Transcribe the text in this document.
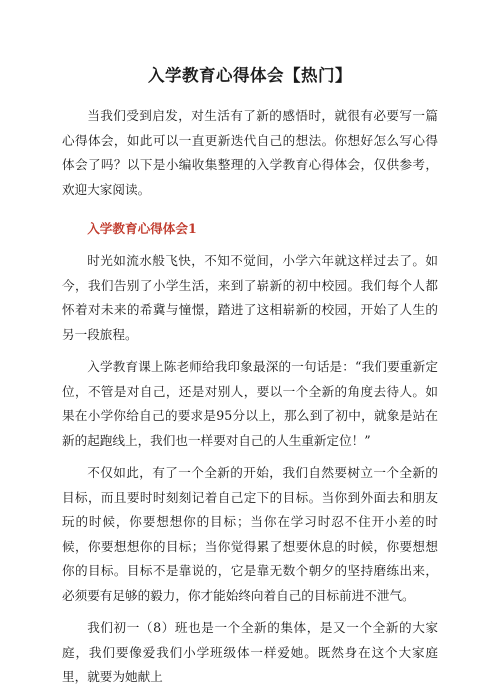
入学教育心得体会【热门】

当我们受到启发，对生活有了新的感悟时，就很有必要写一篇心得体会，如此可以一直更新迭代自己的想法。你想好怎么写心得体会了吗？以下是小编收集整理的入学教育心得体会，仅供参考，欢迎大家阅读。

入学教育心得体会1

时光如流水般飞快，不知不觉间，小学六年就这样过去了。如今，我们告别了小学生活，来到了崭新的初中校园。我们每个人都怀着对未来的希冀与憧憬，踏进了这相崭新的校园，开始了人生的另一段旅程。

入学教育课上陈老师给我印象最深的一句话是：“我们要重新定位，不管是对自己，还是对别人，要以一个全新的角度去待人。如果在小学你给自己的要求是95分以上，那么到了初中，就象是站在新的起跑线上，我们也一样要对自己的人生重新定位！”

不仅如此，有了一个全新的开始，我们自然要树立一个全新的目标，而且要时时刻刻记着自己定下的目标。当你到外面去和朋友玩的时候，你要想想你的目标；当你在学习时忍不住开小差的时候，你要想想你的目标；当你觉得累了想要休息的时候，你要想想你的目标。目标不是靠说的，它是靠无数个朝夕的坚持磨练出来，必须要有足够的毅力，你才能始终向着自己的目标前进不泄气。

我们初一（8）班也是一个全新的集体，是又一个全新的大家庭，我们要像爱我们小学班级体一样爱她。既然身在这个大家庭里，就要为她献上
